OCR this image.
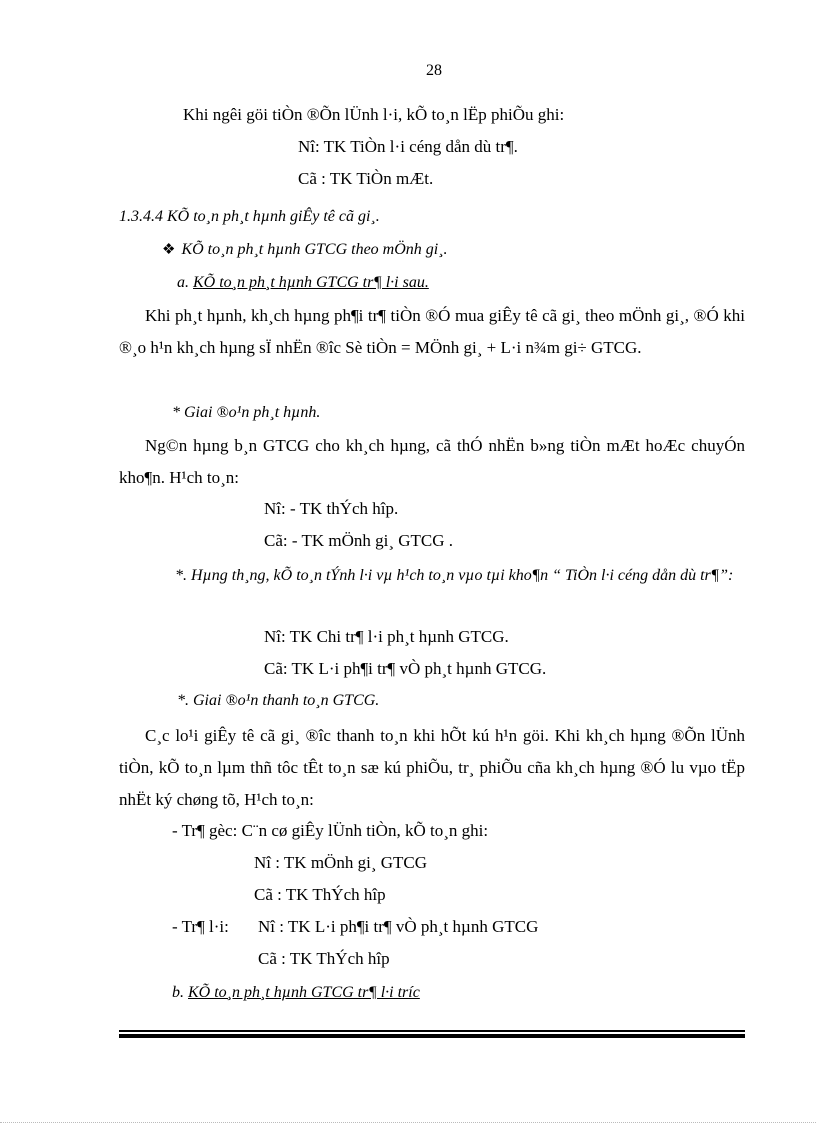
28
Khi ngêi göi tiÒn ®Õn lÜnh l·i, kÕ to¸n lËp phiÕu ghi:
Nî: TK TiÒn l·i céng dån dù tr¶.
Cã : TK TiÒn mÆt.
1.3.4.4 KÕ to¸n ph¸t hµnh giÊy tê cã gi¸.
❖ KÕ to¸n ph¸t hµnh GTCG theo mÖnh gi¸.
a. KÕ to¸n ph¸t hµnh GTCG tr¶ l·i sau.
Khi ph¸t hµnh, kh¸ch hµng ph¶i tr¶ tiÒn ®Ó mua giÊy tê cã gi¸ theo mÖnh gi¸, ®Ó khi ®¸o h¹n kh¸ch hµng sÏ nhËn ®îc Sè tiÒn = MÖnh gi¸ + L·i n¾m gi÷ GTCG.
* Giai ®o¹n ph¸t hµnh.
Ng©n hµng b¸n GTCG cho kh¸ch hµng, cã thÓ nhËn b»ng tiÒn mÆt hoÆc chuyÓn kho¶n. H¹ch to¸n:
Nî: - TK thÝch hîp.
Cã: - TK mÖnh gi¸ GTCG .
*. Hµng th¸ng, kÕ to¸n tÝnh l·i vµ h¹ch to¸n vµo tµi kho¶n “ TiÒn l·i céng dån dù tr¶”:
Nî: TK Chi tr¶ l·i ph¸t hµnh GTCG.
Cã: TK L·i ph¶i tr¶ vÒ ph¸t hµnh GTCG.
*. Giai ®o¹n thanh to¸n GTCG.
C¸c lo¹i giÊy tê cã gi¸ ®îc thanh to¸n khi hÕt kú h¹n göi. Khi kh¸ch hµng ®Õn lÜnh tiÒn, kÕ to¸n lµm thñ tôc tÊt to¸n sæ kú phiÕu, tr¸ phiÕu cña kh¸ch hµng ®Ó lu vµo tËp nhËt ký chøng tõ, H¹ch to¸n:
- Tr¶ gèc: C¨n cø giÊy lÜnh tiÒn, kÕ to¸n ghi:
Nî : TK mÖnh gi¸ GTCG
Cã : TK ThÝch hîp
- Tr¶ l·i: Nî : TK L·i ph¶i tr¶ vÒ ph¸t hµnh GTCG
Cã : TK ThÝch hîp
b. KÕ to¸n ph¸t hµnh GTCG tr¶ l·i tríc
